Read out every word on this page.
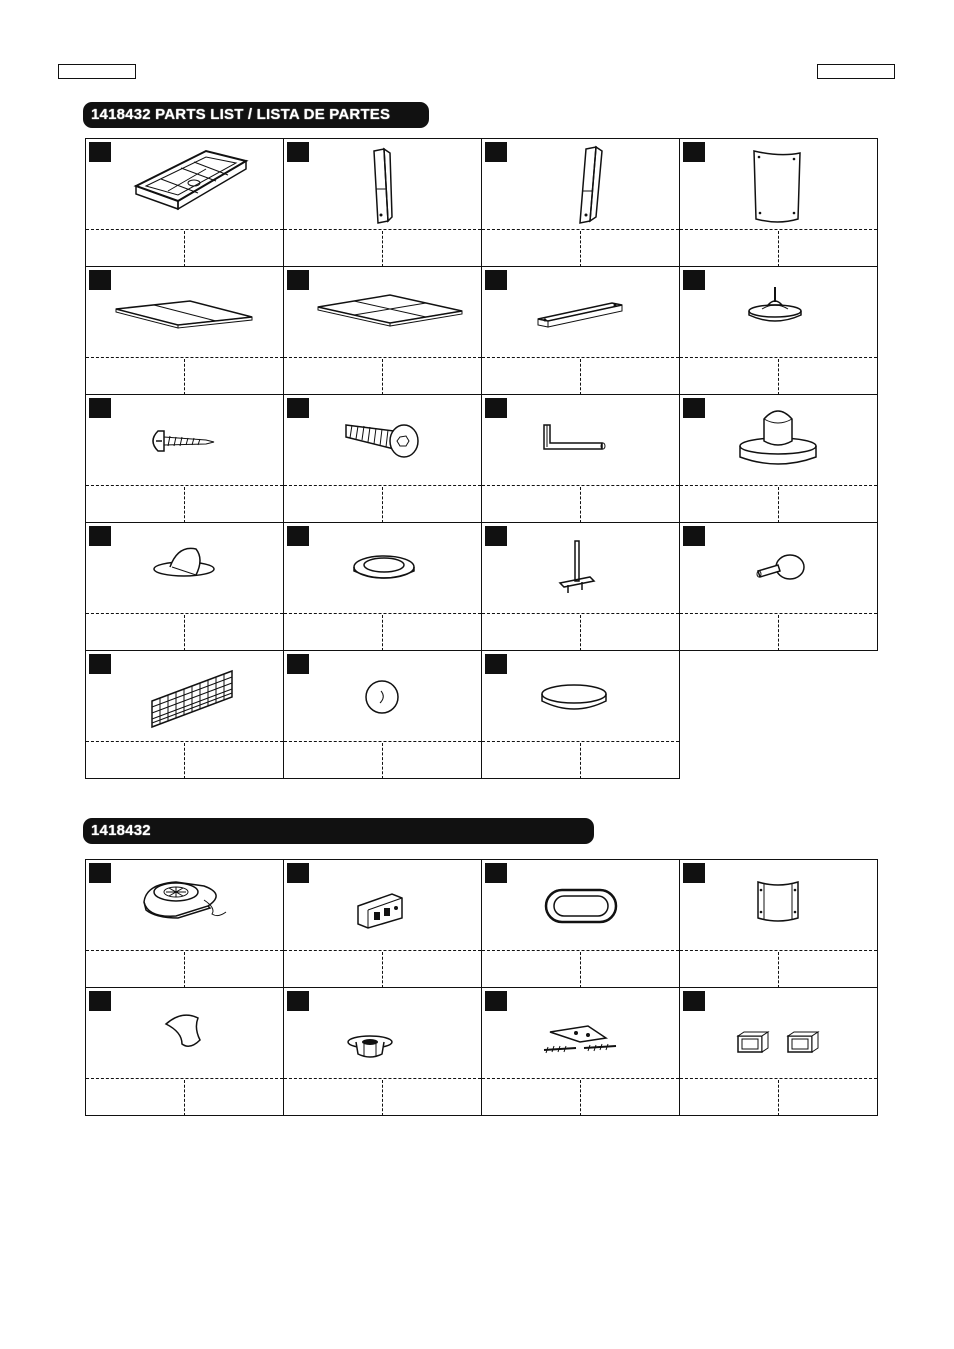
1418432 PARTS LIST / LISTA DE PARTES
1418432
